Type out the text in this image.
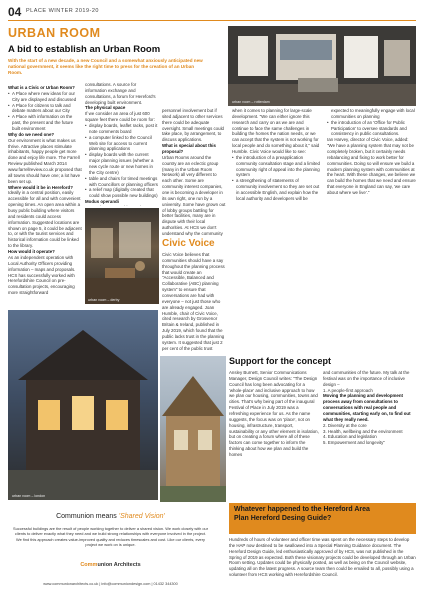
04 PLACE WINTER 2019-20
URBAN ROOM
A bid to establish an Urban Room
With the start of a new decade, a new Council and a somewhat anxiously anticipated new national government, it seems like the right time to press for the creation of an Urban Room.
What is a Civic or Urban Room?
• A Place where new ideas for our City are displayed and discussed
• A Place for citizens to talk and debate matters about our City
• A Place with information on the past, the present and the future built environment
Why do we need one?
Our environment is what makes us thrive. Attractive places stimulate inhabitants, happy people get more done and enjoy life more. The Farrell Review published March 2014 www.farrellreview.co.uk proposed that all towns should have one; a lot have been set up.
Where would it be in Hereford?
Ideally in a central position, easily accessible for all and with convenient opening times. An open area within a busy public building where visitors and residents could access information. Suggested locations are shown on page 5, it could be adjacent to, or with the tourist services and historical information could be linked to the library.
How would it operate?
As an independent operation with Local Authority Officers providing information – maps and proposals. HCS has successfully worked with Herefordshire Council on pre-consultation projects, encouraging more straightforward
consultations. A source for information exchange and consultations, a forum for Hereford's developing built environment.
The physical space
If we consider an area of just 600 square feet there could be room for:
• display boards, leaflet racks, post it note comments board
• a computer linked to the Council Web site for access to current planning applications
• display boards with the current major planning issues (whether a new cycle route or new homes in the City centre)
• table and chairs for timed meetings with Councillors or planning officers
• a relief map (digitally created that could show possible new buildings)
Modus operandi
urban room – derby
urban room – rotterdam
personnel involvement but if sited adjacent to other services there could be adequate oversight. Small meetings could take place, by arrangement, to discuss applications.
What is special about this proposal?
Urban Rooms around the country are an eclectic group (many in the Urban Room Network) all very different to each other. Some are community interest companies, one is becoming a developer in its own right, one run by a university. Some have grown out of lobby groups battling for better facilities, many are in dispute with their local authorities. At HCS we don't understand why the community
Civic Voice
Civic Voice believes that communities should have a say throughout the planning process that would create an "Accessible, Balanced and Collaborative (ABC) planning system" to ensure that conversations are had with everyone – not just those who are already engaged. Joan Humble, chair of Civic Voice, cited research by Grosvenor Britain & Ireland, published in July 2019, which found that the public lacks trust in the planning system. It suggested that just 2 per cent of the public trust
when it comes to planning for large-scale development. "We can either ignore this research and carry on as we are and continue to face the same challenges in building the homes the nation needs, or we can accept that the system is not working for local people and do something about it," said Humble. Civic Voice would like to see:
• the introduction of a preapplication community consultation stage and a limited community right of appeal into the planning system
• a strengthening of statements of community involvement so they are set out in accessible English, and explain how the local authority and developers will be expected to meaningfully engage with local communities on planning
• the introduction of an 'Office for Public Participation' to oversee standards and consistency in public consultations.
Ian Harvey, director of Civic Voice, added: "We have a planning system that may not be completely broken, but it certainly needs rebalancing and fixing to work better for communities. Doing so will ensure we build a modern planning system with communities at the heart. With these changes, we believe we can build the homes that we need and ensure that everyone in England can say, 'we care about where we live'."
urban room – london
Support for the concept
Ansley Burnett, Senior Communications Manager, Design Council writes: "The Design Council has long been advocating for a 'whole-place' and inclusive approach to how we plan our housing, communities, towns and cities. That's why being part of the inaugural Festival of Place in July 2019 was a refreshing experience for us. As the name suggests, the focus was on 'place', not on housing, infrastructure, transport, sustainability or any other element in isolation, but on creating a forum where all of these factors can come together to inform the thinking about how we plan and build the homes
and communities of the future. My talk at the festival was on the importance of inclusive design –
1. A people-first approach
Moving the planning and development process away from consultations to conversations with real people and communities, starting early on, to find out what they really need.
2. Diversity at the core
3. Health, wellbeing and the environment
4. Education and legislation
5. Empowerment and longevity"
Whatever happened to the Hereford Area
Plan Hereford Desing Guide?
Hundreds of hours of volunteer and officer time was spent on the necessary steps to develop the HAP now destined to be swallowed into a Special Planning Guidance document. The Hereford Design Guide, led enthusiastically approved of by HCS, was not published in the Spring of 2019 as expected. Both these visionary projects could be developed through an Urban Room setting. Updates could be physically posted, as well as being on the Council website, updating all on the latest progress. A source team then could be emailed to all, possibly using a volunteer from HCS working with Herefordshire Council.
Communion means 'Shared Vision'
Successful buildings are the result of people working together to deliver a shared vision. We work closely with our clients to deliver exactly what they need and we build strong relationships with everyone involved in the project. We find this approach creates value-improved quality and reduces timescales and cost. Like our clients, every project we work on is unique.
Communion Architects
www.communionarchitects.co.uk | info@communiondesign.com | 01432 344300
